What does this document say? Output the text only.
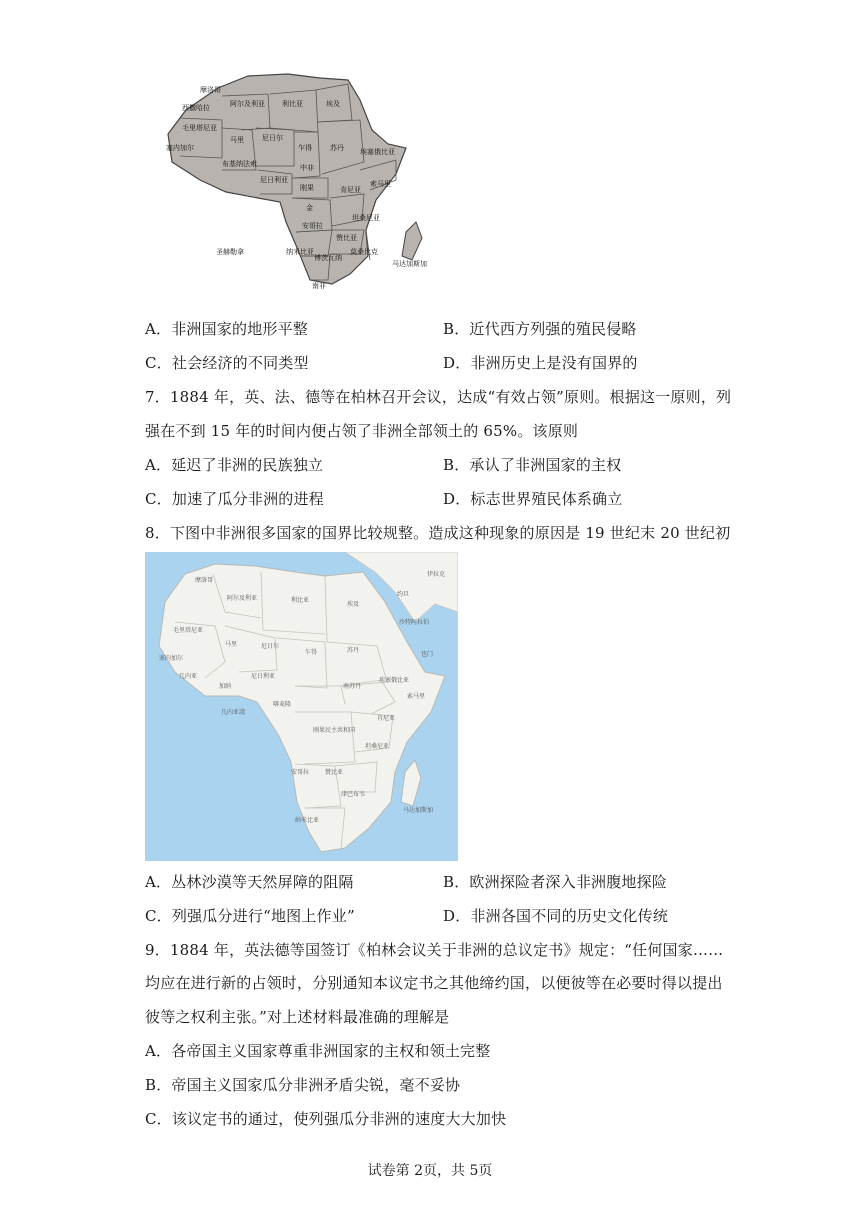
摩洛哥
阿尔及利亚 利比亚	埃及
西撒哈拉
毛里塔尼亚
马里	尼日尔
乍得	苏丹
塞内加尔
布基纳法索
尼日利亚
埃塞俄比亚
索马里
中非
肯尼亚
刚果
金
安哥拉
赞比亚
纳米比亚
博茨瓦纳
南非
莫桑比克
马达加斯加
圣赫勒拿
坦桑尼亚
A．非洲国家的地形平整	B．近代西方列强的殖民侵略
C．社会经济的不同类型	D．非洲历史上是没有国界的
7．1884 年，英、法、德等在柏林召开会议，达成“有效占领”原则。根据这一原则，列
强在不到 15 年的时间内便占领了非洲全部领土的 65%。该原则
A．延迟了非洲的民族独立	B．承认了非洲国家的主权
C．加速了瓜分非洲的进程	D．标志世界殖民体系确立
8．下图中非洲很多国家的国界比较规整。造成这种现象的原因是 19 世纪末 20 世纪初
摩洛哥
阿尔及利亚	利比亚
埃及
伊拉克
约旦
沙特阿拉伯
毛里塔尼亚
马里	尼日尔
乍得	苏丹
也门
塞内加尔
几内亚
加纳
尼日利亚
南苏丹
埃塞俄比亚
索马里
喀麦隆
刚果民主共和国
肯尼亚
坦桑尼亚
安哥拉	赞比亚
津巴布韦
纳米比亚
马达加斯加
几内亚湾
A．丛林沙漠等天然屏障的阻隔	B．欧洲探险者深入非洲腹地探险
C．列强瓜分进行“地图上作业”	D．非洲各国不同的历史文化传统
9．1884 年，英法德等国签订《柏林会议关于非洲的总议定书》规定：“任何国家……
均应在进行新的占领时，分别通知本议定书之其他缔约国，以便彼等在必要时得以提出
彼等之权利主张。”对上述材料最准确的理解是
A．各帝国主义国家尊重非洲国家的主权和领土完整
B．帝国主义国家瓜分非洲矛盾尖锐，毫不妥协
C．该议定书的通过，使列强瓜分非洲的速度大大加快
试卷第 2页，共 5页
